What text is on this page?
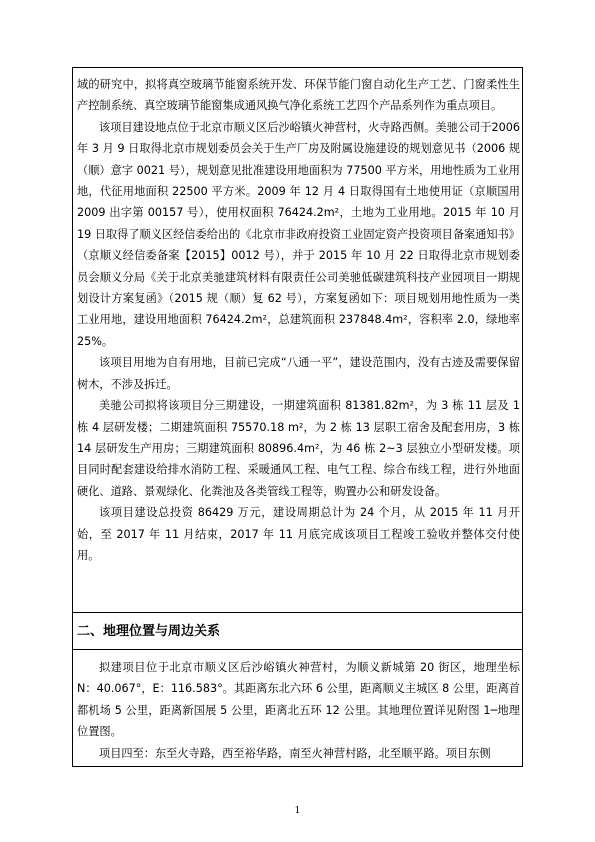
域的研究中，拟将真空玻璃节能窗系统开发、环保节能门窗自动化生产工艺、门窗柔性生产控制系统、真空玻璃节能窗集成通风换气净化系统工艺四个产品系列作为重点项目。

该项目建设地点位于北京市顺义区后沙峪镇火神营村，火寺路西侧。美驰公司于2006 年 3 月 9 日取得北京市规划委员会关于生产厂房及附属设施建设的规划意见书（2006 规（顺）意字 0021 号），规划意见批准建设用地面积为 77500 平方米，用地性质为工业用地，代征用地面积 22500 平方米。2009 年 12 月 4 日取得国有土地使用证（京顺国用 2009 出字第 00157 号），使用权面积 76424.2m²，土地为工业用地。2015 年 10 月 19 日取得了顺义区经信委给出的《北京市非政府投资工业固定资产投资项目备案通知书》（京顺义经信委备案【2015】0012 号），并于 2015 年 10 月 22 日取得北京市规划委员会顺义分局《关于北京美驰建筑材料有限责任公司美驰低碳建筑科技产业园项目一期规划设计方案复函》（2015 规（顺）复 62 号），方案复函如下：项目规划用地性质为一类工业用地，建设用地面积 76424.2m²，总建筑面积 237848.4m²，容积率 2.0，绿地率 25%。

该项目用地为自有用地，目前已完成“八通一平”，建设范围内，没有古迹及需要保留树木，不涉及拆迁。

美驰公司拟将该项目分三期建设，一期建筑面积 81381.82m²，为 3 栋 11 层及 1 栋 4 层研发楼；二期建筑面积 75570.18 m²，为 2 栋 13 层职工宿舍及配套用房，3 栋 14 层研发生产用房；三期建筑面积 80896.4m²，为 46 栋 2~3 层独立小型研发楼。项目同时配套建设给排水消防工程、采暖通风工程、电气工程、综合布线工程，进行外地面硬化、道路、景观绿化、化粪池及各类管线工程等，购置办公和研发设备。

该项目建设总投资 86429 万元，建设周期总计为 24 个月，从 2015 年 11 月开始，至 2017 年 11 月结束，2017 年 11 月底完成该项目工程竣工验收并整体交付使用。

二、地理位置与周边关系

拟建项目位于北京市顺义区后沙峪镇火神营村，为顺义新城第 20 街区，地理坐标 N：40.067°，E：116.583°。其距离东北六环 6 公里，距离顺义主城区 8 公里，距离首都机场 5 公里，距离新国展 5 公里，距离北五环 12 公里。其地理位置详见附图 1─地理位置图。

项目四至：东至火寺路，西至裕华路，南至火神营村路，北至顺平路。项目东侧

1
